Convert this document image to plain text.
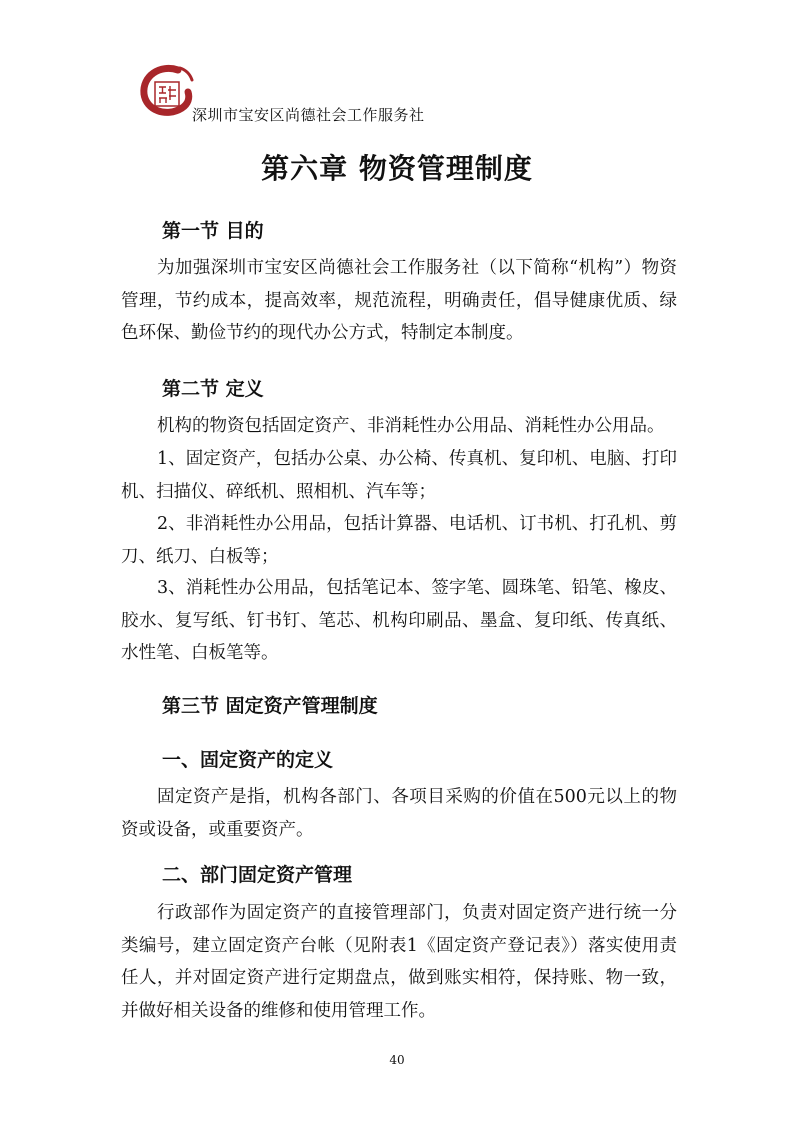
深圳市宝安区尚德社会工作服务社
第六章 物资管理制度
第一节 目的
为加强深圳市宝安区尚德社会工作服务社（以下简称“机构”）物资管理，节约成本，提高效率，规范流程，明确责任，倡导健康优质、绿色环保、勤俭节约的现代办公方式，特制定本制度。
第二节 定义
机构的物资包括固定资产、非消耗性办公用品、消耗性办公用品。
1、固定资产，包括办公桌、办公椅、传真机、复印机、电脑、打印机、扫描仪、碎纸机、照相机、汽车等；
2、非消耗性办公用品，包括计算器、电话机、订书机、打孔机、剪刀、纸刀、白板等；
3、消耗性办公用品，包括笔记本、签字笔、圆珠笔、铅笔、橡皮、胶水、复写纸、钉书钉、笔芯、机构印刷品、墨盒、复印纸、传真纸、水性笔、白板笔等。
第三节 固定资产管理制度
一、固定资产的定义
固定资产是指，机构各部门、各项目采购的价值在500元以上的物资或设备，或重要资产。
二、部门固定资产管理
行政部作为固定资产的直接管理部门，负责对固定资产进行统一分类编号，建立固定资产台帐（见附表1《固定资产登记表》）落实使用责任人，并对固定资产进行定期盘点，做到账实相符，保持账、物一致，并做好相关设备的维修和使用管理工作。
40
